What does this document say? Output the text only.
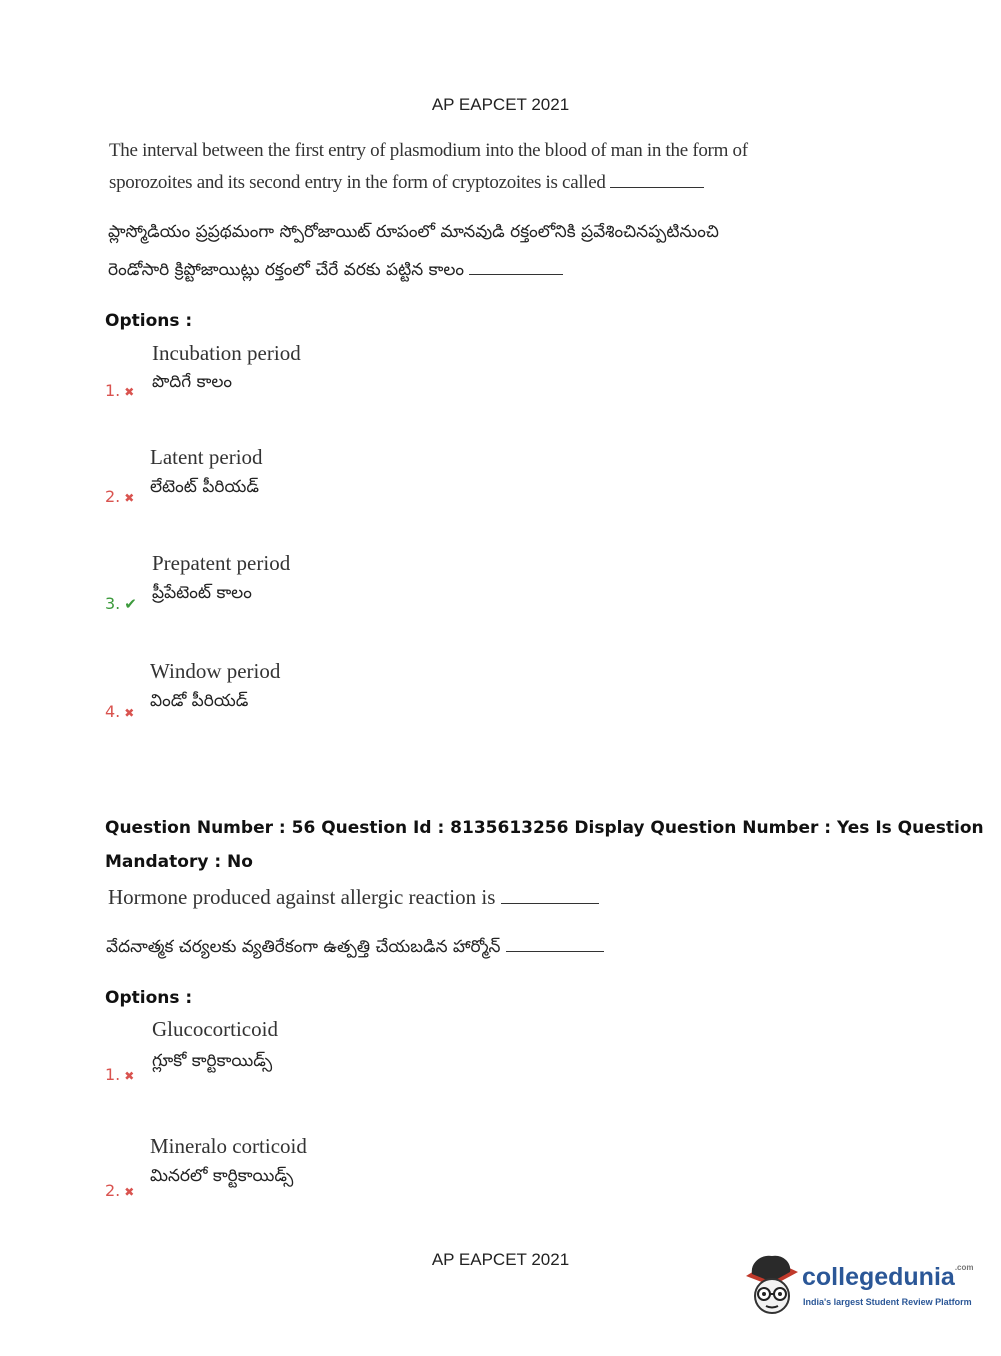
AP EAPCET 2021
The interval between the first entry of plasmodium into the blood of man in the form of
sporozoites and its second entry in the form of cryptozoites is called
ప్లాస్మోడియం ప్రప్రథమంగా స్పోరోజాయిట్ రూపంలో మానవుడి రక్తంలోనికి ప్రవేశించినప్పటినుంచి
రెండోసారి క్రిప్టోజాయిట్లు రక్తంలో చేరే వరకు పట్టిన కాలం
Options :
Incubation period
పొదిగే కాలం
1. ✖
Latent period
లేటెంట్ పీరియడ్
2. ✖
Prepatent period
ప్రీపేటెంట్ కాలం
3. ✔
Window period
విండో పీరియడ్
4. ✖
Question Number : 56 Question Id : 8135613256 Display Question Number : Yes Is Question
Mandatory : No
Hormone produced against allergic reaction is
వేదనాత్మక చర్యలకు వ్యతిరేకంగా ఉత్పత్తి చేయబడిన హార్మోన్
Options :
Glucocorticoid
గ్లూకో కార్టికాయిడ్స్
1. ✖
Mineralo corticoid
మినరలో కార్టికాయిడ్స్
2. ✖
AP EAPCET 2021
collegedunia$^{.com}$
India's largest Student Review Platform
